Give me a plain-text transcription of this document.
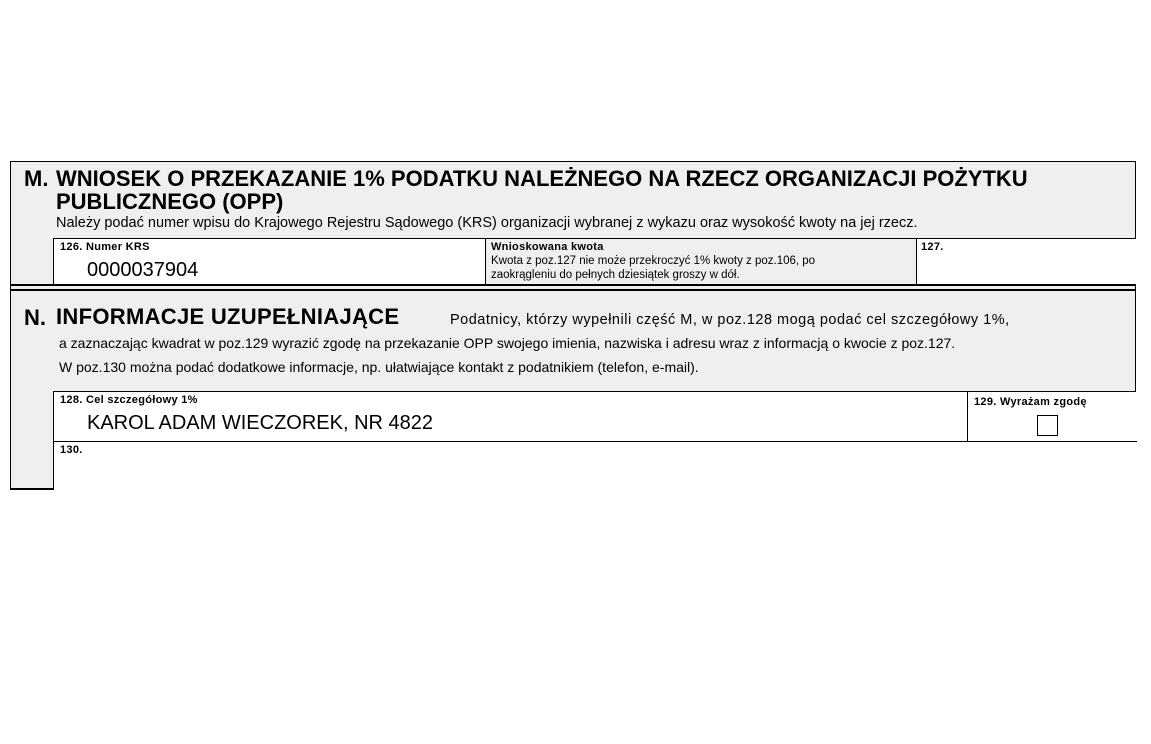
M. WNIOSEK O PRZEKAZANIE 1% PODATKU NALEŻNEGO NA RZECZ ORGANIZACJI POŻYTKU
PUBLICZNEGO (OPP)
Należy podać numer wpisu do Krajowego Rejestru Sądowego (KRS) organizacji wybranej z wykazu oraz wysokość kwoty na jej rzecz.
126. Numer KRS
0000037904
Wnioskowana kwota
Kwota z poz.127 nie może przekroczyć 1% kwoty z poz.106, po
zaokrągleniu do pełnych dziesiątek groszy w dół.
127.
N. INFORMACJE UZUPEŁNIAJĄCE	Podatnicy, którzy wypełnili część M, w poz.128 mogą podać cel szczegółowy 1%,
a zaznaczając kwadrat w poz.129 wyrazić zgodę na przekazanie OPP swojego imienia, nazwiska i adresu wraz z informacją o kwocie z poz.127.
W poz.130 można podać dodatkowe informacje, np. ułatwiające kontakt z podatnikiem (telefon, e-mail).
128. Cel szczegółowy 1%
KAROL ADAM WIECZOREK, NR 4822
129. Wyrażam zgodę
130.
